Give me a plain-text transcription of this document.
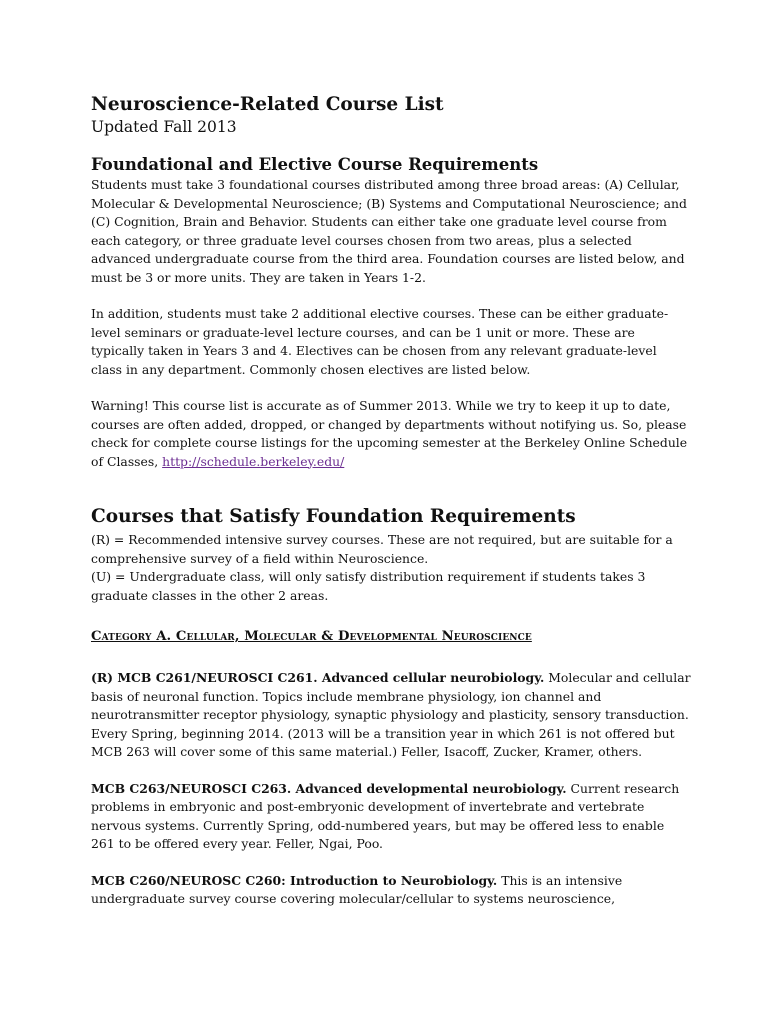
Neuroscience-Related Course List
Updated Fall 2013
Foundational and Elective Course Requirements

Students must take 3 foundational courses distributed among three broad areas: (A) Cellular, Molecular & Developmental Neuroscience; (B) Systems and Computational Neuroscience; and (C) Cognition, Brain and Behavior. Students can either take one graduate level course from each category, or three graduate level courses chosen from two areas, plus a selected advanced undergraduate course from the third area. Foundation courses are listed below, and must be 3 or more units. They are taken in Years 1-2.

In addition, students must take 2 additional elective courses. These can be either graduate-level seminars or graduate-level lecture courses, and can be 1 unit or more. These are typically taken in Years 3 and 4. Electives can be chosen from any relevant graduate-level class in any department. Commonly chosen electives are listed below.

Warning! This course list is accurate as of Summer 2013. While we try to keep it up to date, courses are often added, dropped, or changed by departments without notifying us. So, please check for complete course listings for the upcoming semester at the Berkeley Online Schedule of Classes, http://schedule.berkeley.edu/

Courses that Satisfy Foundation Requirements

(R) = Recommended intensive survey courses. These are not required, but are suitable for a comprehensive survey of a field within Neuroscience.

(U) = Undergraduate class, will only satisfy distribution requirement if students takes 3 graduate classes in the other 2 areas.

Category A. Cellular, Molecular & Developmental Neuroscience

(R) MCB C261/NEUROSCI C261. Advanced cellular neurobiology. Molecular and cellular basis of neuronal function. Topics include membrane physiology, ion channel and neurotransmitter receptor physiology, synaptic physiology and plasticity, sensory transduction. Every Spring, beginning 2014. (2013 will be a transition year in which 261 is not offered but MCB 263 will cover some of this same material.) Feller, Isacoff, Zucker, Kramer, others.

MCB C263/NEUROSCI C263. Advanced developmental neurobiology. Current research problems in embryonic and post-embryonic development of invertebrate and vertebrate nervous systems. Currently Spring, odd-numbered years, but may be offered less to enable 261 to be offered every year. Feller, Ngai, Poo.

MCB C260/NEUROSC C260: Introduction to Neurobiology. This is an intensive undergraduate survey course covering molecular/cellular to systems neuroscience,
